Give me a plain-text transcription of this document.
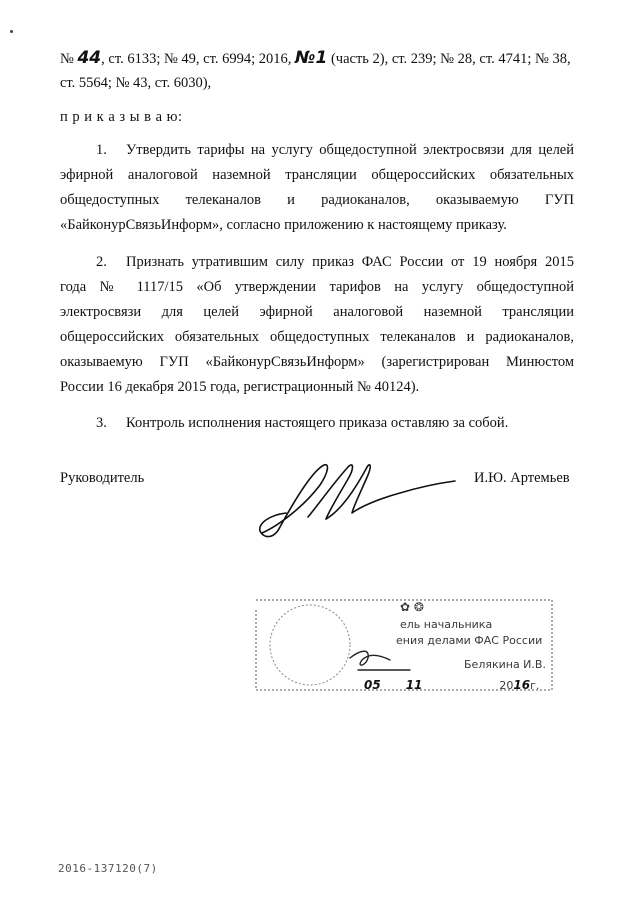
№ 44, ст. 6133; № 49, ст. 6994; 2016, №1 (часть 2), ст. 239; № 28, ст. 4741; № 38,
ст. 5564; № 43, ст. 6030),
п р и к а з ы в а ю:
1. Утвердить тарифы на услугу общедоступной электросвязи для целей
эфирной аналоговой наземной трансляции общероссийских обязательных
общедоступных телеканалов и радиоканалов, оказываемую ГУП
«БайконурСвязьИнформ», согласно приложению к настоящему приказу.
2. Признать утратившим силу приказ ФАС России от 19 ноября 2015
года № 1117/15 «Об утверждении тарифов на услугу общедоступной
электросвязи для целей эфирной аналоговой наземной трансляции
общероссийских обязательных общедоступных телеканалов и радиоканалов,
оказываемую ГУП «БайконурСвязьИнформ» (зарегистрирован Минюстом
России 16 декабря 2015 года, регистрационный № 40124).
3. Контроль исполнения настоящего приказа оставляю за собой.
Руководитель	И.Ю. Артемьев
✿ ❂
ель начальника
ения делами ФАС России
Белякина И.В.
05 11	2016г.
2016-137120(7)
